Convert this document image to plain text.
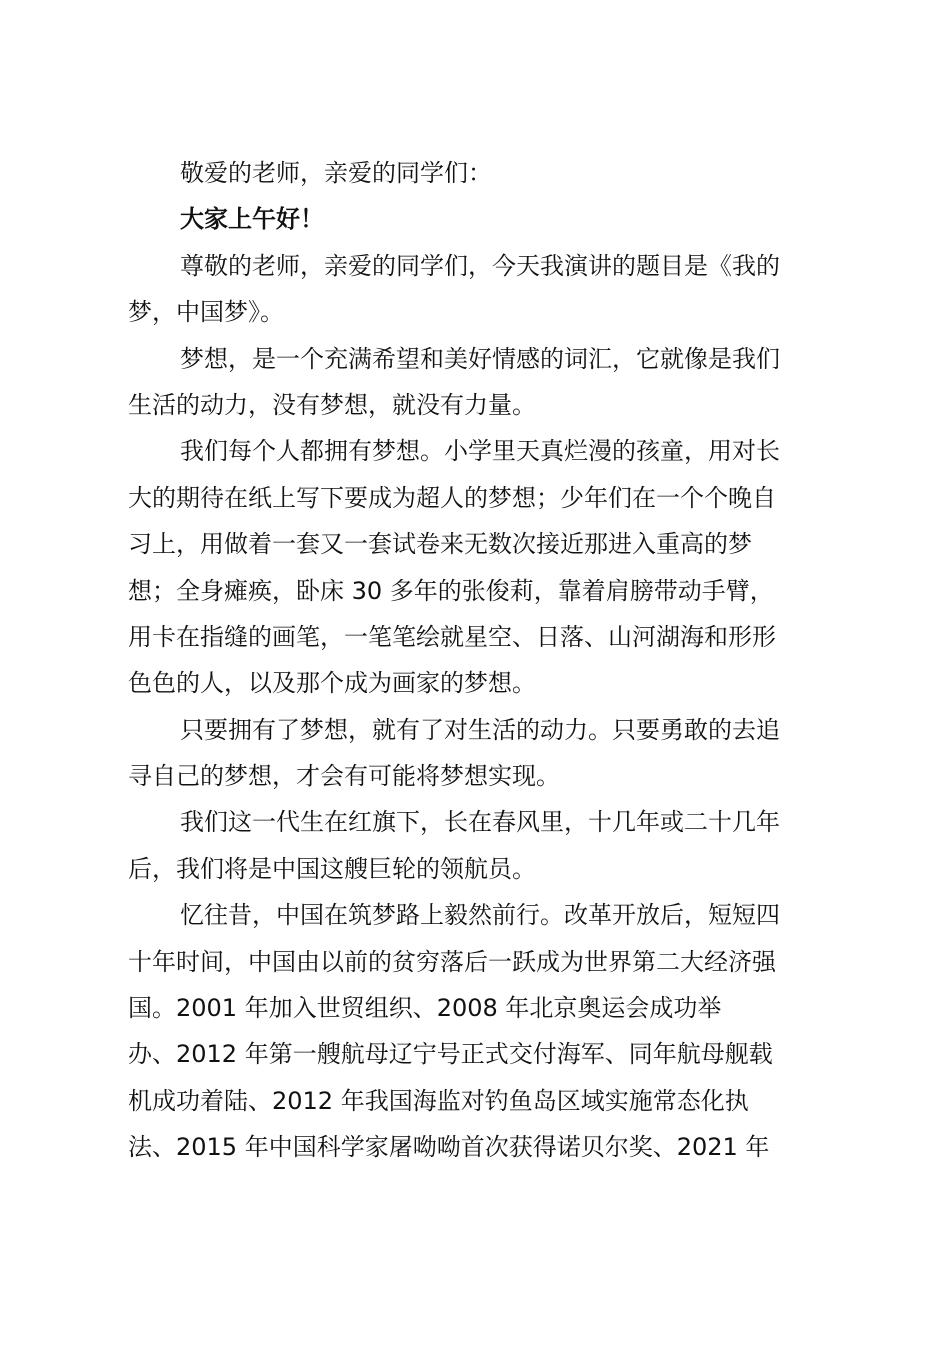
敬爱的老师，亲爱的同学们：
大家上午好！
尊敬的老师，亲爱的同学们，今天我演讲的题目是《我的
梦，中国梦》。
梦想，是一个充满希望和美好情感的词汇，它就像是我们
生活的动力，没有梦想，就没有力量。
我们每个人都拥有梦想。小学里天真烂漫的孩童，用对长
大的期待在纸上写下要成为超人的梦想；少年们在一个个晚自
习上，用做着一套又一套试卷来无数次接近那进入重高的梦
想；全身瘫痪，卧床 30 多年的张俊莉，靠着肩膀带动手臂，
用卡在指缝的画笔，一笔笔绘就星空、日落、山河湖海和形形
色色的人，以及那个成为画家的梦想。
只要拥有了梦想，就有了对生活的动力。只要勇敢的去追
寻自己的梦想，才会有可能将梦想实现。
我们这一代生在红旗下，长在春风里，十几年或二十几年
后，我们将是中国这艘巨轮的领航员。
忆往昔，中国在筑梦路上毅然前行。改革开放后，短短四
十年时间，中国由以前的贫穷落后一跃成为世界第二大经济强
国。2001 年加入世贸组织、2008 年北京奥运会成功举
办、2012 年第一艘航母辽宁号正式交付海军、同年航母舰载
机成功着陆、2012 年我国海监对钓鱼岛区域实施常态化执
法、2015 年中国科学家屠呦呦首次获得诺贝尔奖、2021 年
